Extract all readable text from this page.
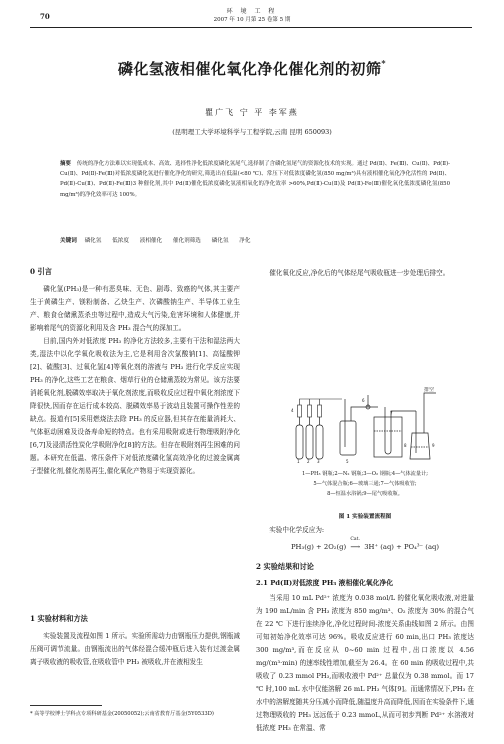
70
环 境 工 程
2007 年 10 月第 25 卷第 5 期
磷化氢液相催化氧化净化催化剂的初筛*
瞿广飞 宁 平 李军燕
(昆明理工大学环境科学与工程学院,云南 昆明 650093)
摘要 传统的净化方法难以实现低成本、高效、选择性净化低浓度磷化氢尾气,选择制了含磷化氢尾气的资源化技术的实现。通过 Pd(Ⅱ)、Fe(Ⅲ)、Cu(Ⅱ)、Pd(Ⅱ)-Cu(Ⅱ)、Pd(Ⅱ)-Fe(Ⅲ)对低浓度磷化氢进行催化净化的研究,筛选出在低温(<80 ℃)、常压下对低浓度磷化氢(850 mg/m³)具有液相催化氧化净化活性的 Pd(Ⅱ)、Pd(Ⅱ)-Cu(Ⅱ)、Pd(Ⅱ)-Fe(Ⅲ)3 种催化剂,其中 Pd(Ⅱ)催化低浓度磷化氢液相氧化的净化效率 >60%,Pd(Ⅱ)-Cu(Ⅱ)及 Pd(Ⅱ)-Fe(Ⅲ)催化氧化低浓度磷化氢(850 mg/m³)的净化效率可达 100%。
关键词 磷化氢 低浓度 液相催化 催化剂筛选 磷化氢 净化
0 引言

磷化氢(PH₃)是一种有恶臭味、无色、剧毒、致癌的气体,其主要产生于黄磷生产、镁粉制备、乙炔生产、次磷酸钠生产、半导体工业生产、粮食仓储熏蒸杀虫等过程中,造成大气污染,危害环境和人体健康,并影响着尾气的资源化利用及含 PH₃ 混合气的深加工。

目前,国内外对低浓度 PH₃ 的净化方法较多,主要有干法和湿法两大类,湿法中以化学氧化吸收法为主,它是利用含次氯酸钠[1]、高锰酸钾[2]、硫酸[3]、过氧化氢[4]等氧化剂的溶液与 PH₃ 进行化学反应实现 PH₃ 的净化,这些工艺在粮食、烟草行业的仓储熏蒸较为常见。该方法要消耗氧化剂,脱磷效率取决于氧化剂浓度,而吸收反应过程中氧化剂浓度下降很快,因而存在运行成本较高、脱磷效率易于波动且装置可操作性差的缺点。报道有[5]采用燃烧法去除 PH₃ 的反应器,但其存在能量消耗大、气体驱动困难及设备寿命短的特点。也有采用吸附或进行物理吸附净化[6,7]及浸渍活性炭化学吸附净化[8]的方法。但存在吸附剂再生困难的问题。本研究在低温、常压条件下对低浓度磷化氢高效净化的过渡金属离子型催化剂,催化剂易再生,催化氧化产物易于实现资源化。

1 实验材料和方法

实验装置及流程如图 1 所示。实验所需动力由钢瓶压力提供,钢瓶减压阀可调节流量。由钢瓶流出的气体经混合缓冲瓶后进入装有过渡金属离子吸收液的吸收管,在吸收管中 PH₃ 被吸收,并在液相发生

* 高等学校博士学科点专项科研基金(20050052);云南省教育厅基金(5Y0533D)

催化氧化反应,净化后的气体经尾气吸收瓶进一步处理后排空。

排空
1 2 3
4
5
6
7
8	9
1—PH₃ 钢瓶;2—N₂ 钢瓶;3—O₂ 钢瓶;4—气体流量计;
5—气体混合瓶;6—玻璃三通;7—气体吸收管;
8—恒温水浴锅;9—尾气吸收瓶。
图 1 实验装置流程图

实验中化学反应为:

PH₃(g) + 2O₂(g)
Cat.
⟶ 3H⁺ (aq) + PO₄³⁻ (aq)
2 实验结果和讨论
2.1 Pd(Ⅱ)对低浓度 PH₃ 液相催化氧化净化

当采用 10 mL Pd²⁺ 浓度为 0.038 mol/L 的催化氧化吸收液,对进量为 190 mL/min 含 PH₃ 浓度为 850 mg/m³、O₂ 浓度为 30% 的混合气在 22 ℃ 下进行连续净化,净化过程时间-浓度关系曲线如图 2 所示。由图可知初始净化效率可达 96%。吸收反应进行 60 min,出口 PH₃ 浓度达 300 mg/m³,而在反应从 0~60 min 过程中,出口浓度以 4.56 mg/(m³·min) 的速率线性增加,截至为 26.4。在 60 min 的吸收过程中,共吸收了 0.23 mmol PH₃,而吸收液中 Pd²⁺ 总量仅为 0.38 mmol。而 17 ℃ 时,100 mL 水中仅能溶解 26 mL PH₃ 气体[9]。而通常情况下,PH₃ 在水中的溶解度随其分压减小而降低,随温度升高而降低,因而在实验条件下,通过物理吸收的 PH₃ 远远低于 0.23 mmoL,从而可初步判断 Pd²⁺ 水溶液对低浓度 PH₃ 在常温、常
